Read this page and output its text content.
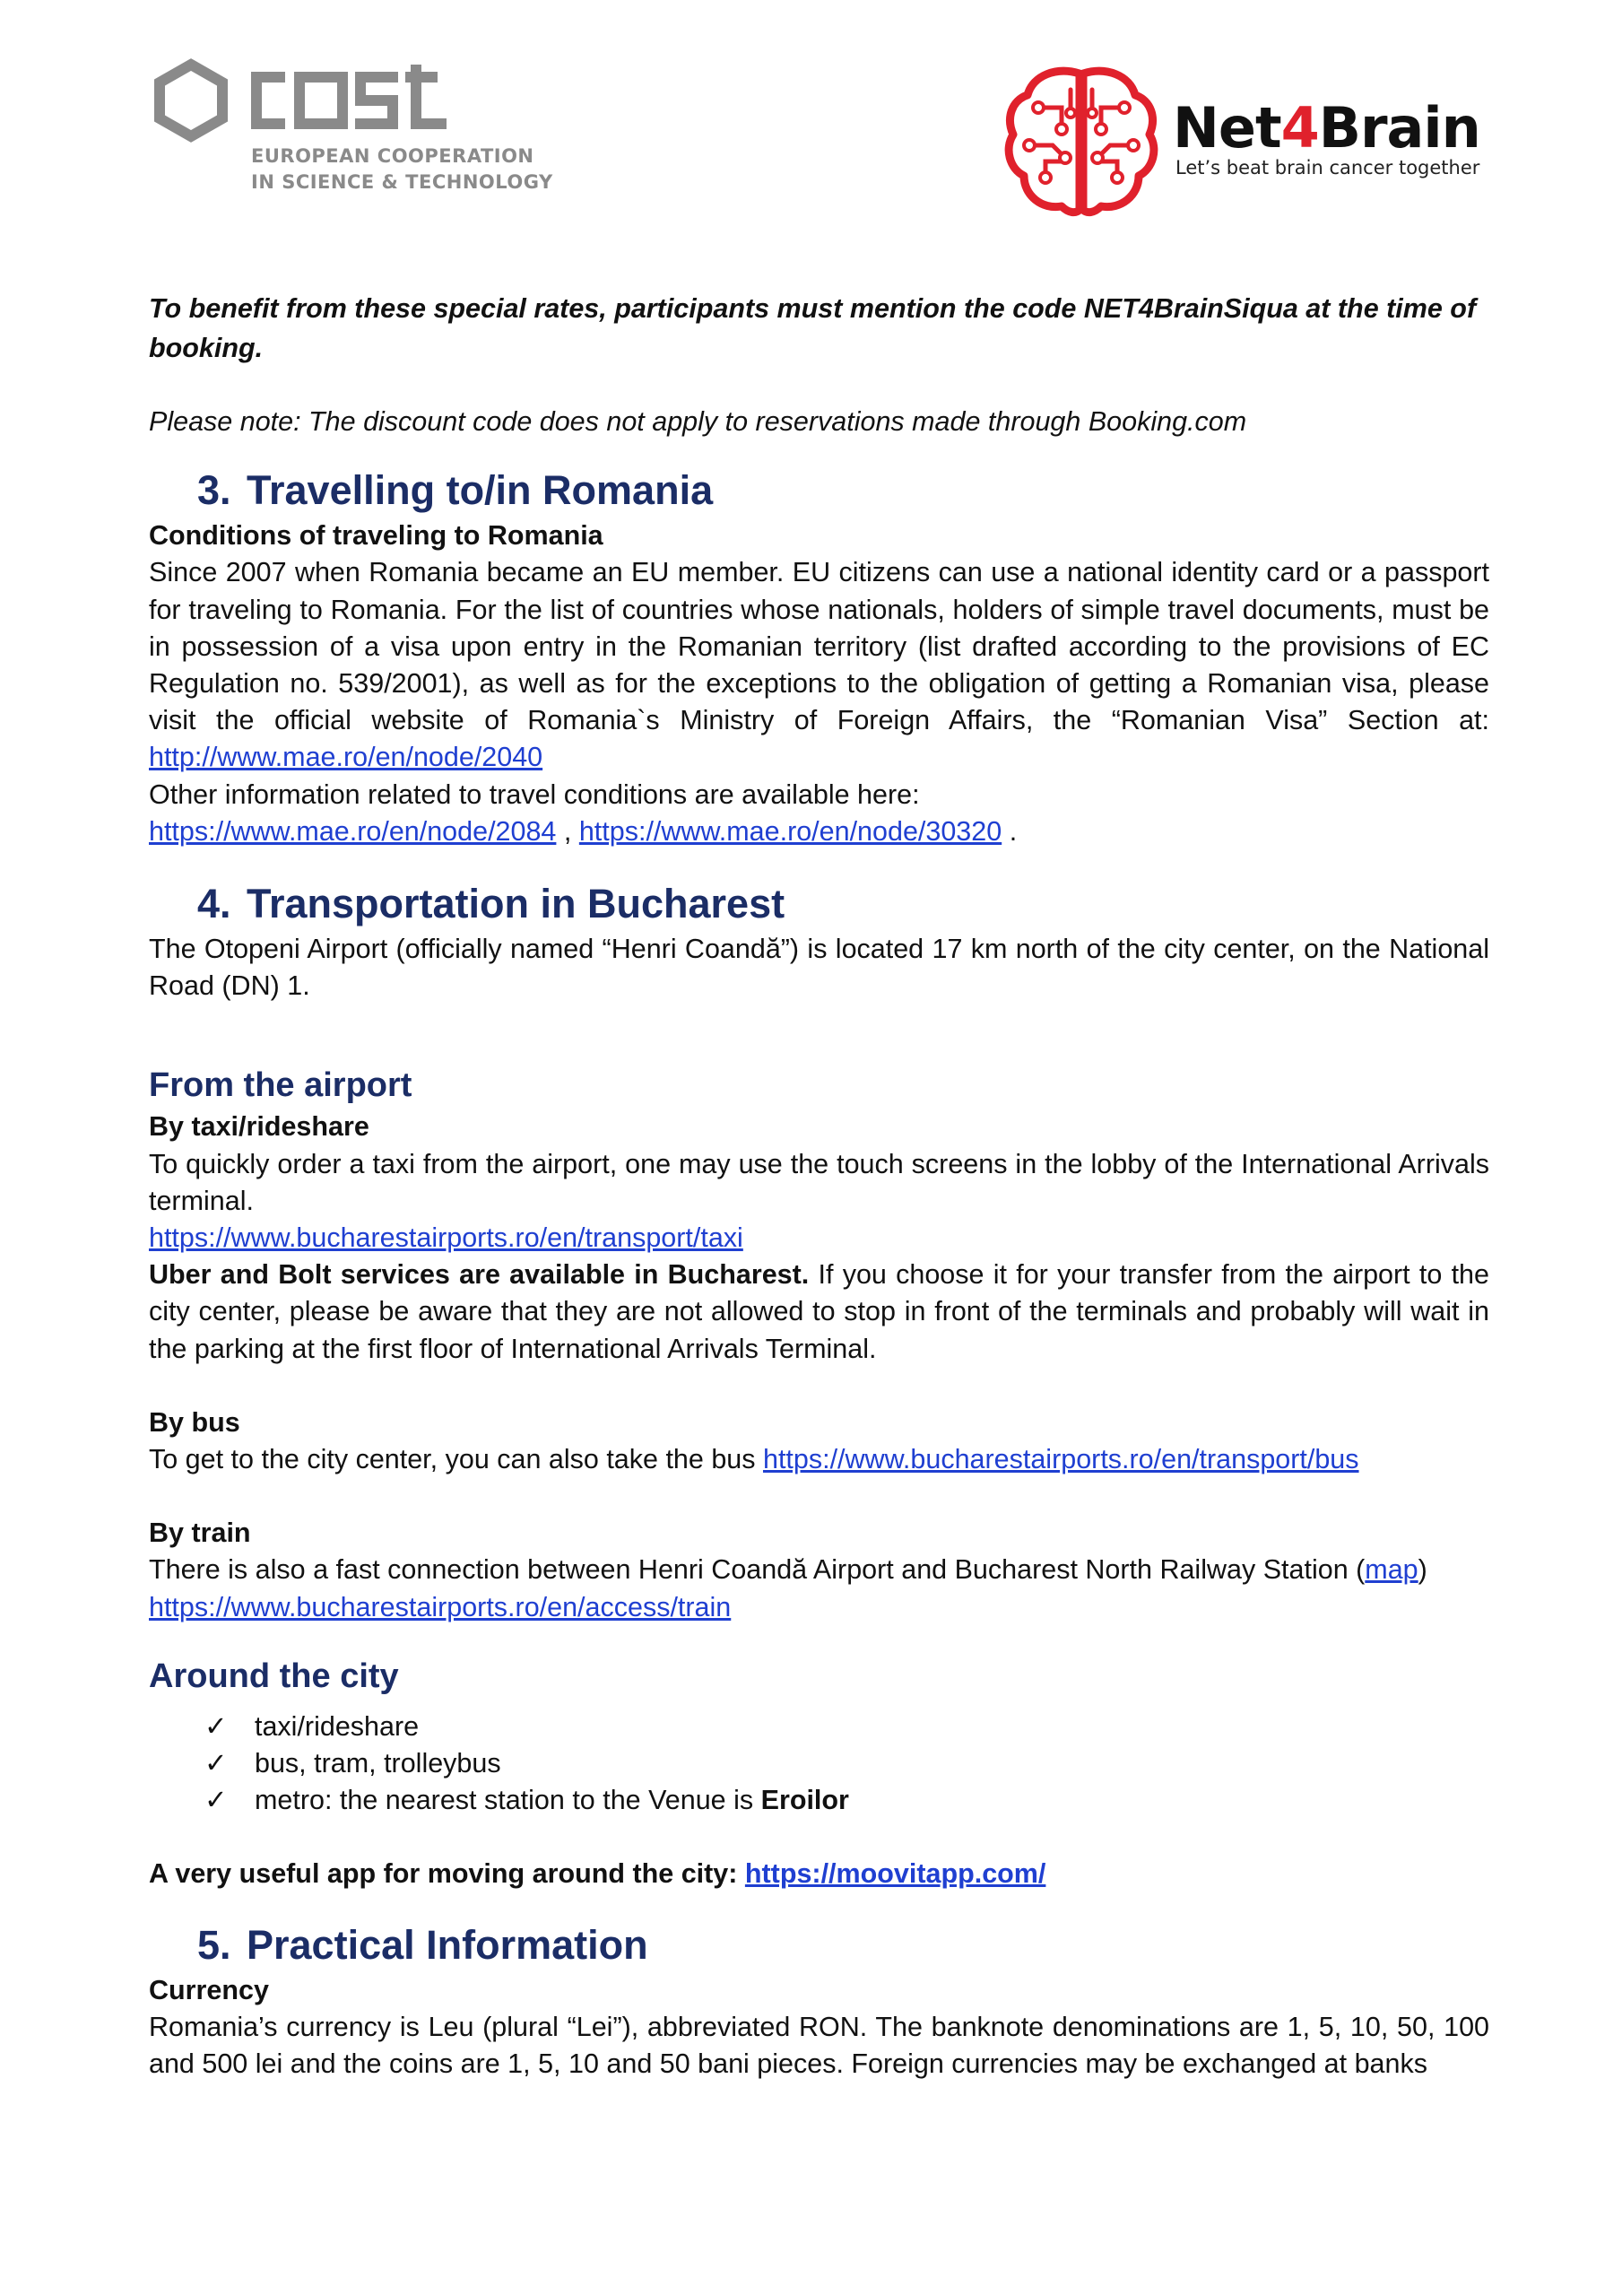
EUROPEAN COOPERATION
IN SCIENCE & TECHNOLOGY
Net4Brain
Let’s beat brain cancer together

To benefit from these special rates, participants must mention the code NET4BrainSiqua at the time of booking.

Please note: The discount code does not apply to reservations made through Booking.com

3. Travelling to/in Romania

Conditions of traveling to Romania

Since 2007 when Romania became an EU member. EU citizens can use a national identity card or a passport for traveling to Romania. For the list of countries whose nationals, holders of simple travel documents, must be in possession of a visa upon entry in the Romanian territory (list drafted according to the provisions of EC Regulation no. 539/2001), as well as for the exceptions to the obligation of getting a Romanian visa, please visit the official website of Romania`s Ministry of Foreign Affairs, the “Romanian Visa” Section at: http://www.mae.ro/en/node/2040

Other information related to travel conditions are available here:

https://www.mae.ro/en/node/2084 , https://www.mae.ro/en/node/30320 .

4. Transportation in Bucharest

The Otopeni Airport (officially named “Henri Coandă”) is located 17 km north of the city center, on the National Road (DN) 1.

From the airport

By taxi/rideshare

To quickly order a taxi from the airport, one may use the touch screens in the lobby of the International Arrivals terminal.

https://www.bucharestairports.ro/en/transport/taxi

Uber and Bolt services are available in Bucharest. If you choose it for your transfer from the airport to the city center, please be aware that they are not allowed to stop in front of the terminals and probably will wait in the parking at the first floor of International Arrivals Terminal.

By bus

To get to the city center, you can also take the bus https://www.bucharestairports.ro/en/transport/bus

By train

There is also a fast connection between Henri Coandă Airport and Bucharest North Railway Station (map)

https://www.bucharestairports.ro/en/access/train

Around the city
✓ taxi/rideshare
✓ bus, tram, trolleybus
✓ metro: the nearest station to the Venue is Eroilor

A very useful app for moving around the city: https://moovitapp.com/

5. Practical Information

Currency

Romania’s currency is Leu (plural “Lei”), abbreviated RON. The banknote denominations are 1, 5, 10, 50, 100 and 500 lei and the coins are 1, 5, 10 and 50 bani pieces. Foreign currencies may be exchanged at banks
